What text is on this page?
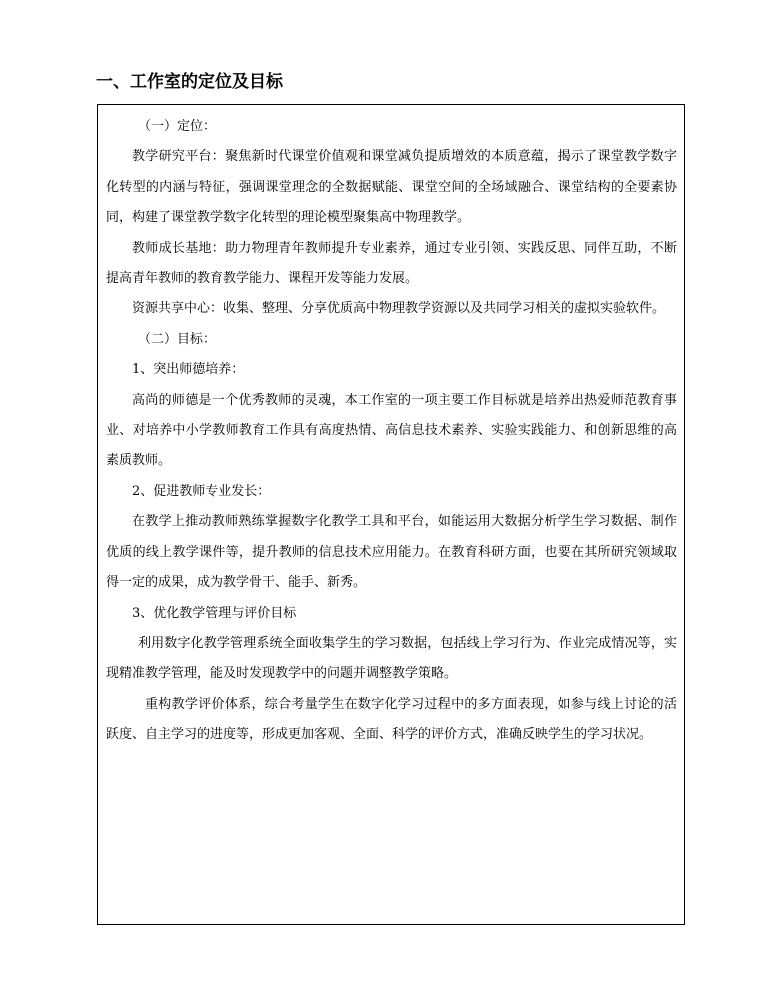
一、工作室的定位及目标

（一）定位：

教学研究平台：聚焦新时代课堂价值观和课堂减负提质增效的本质意蕴，揭示了课堂教学数字化转型的内涵与特征，强调课堂理念的全数据赋能、课堂空间的全场域融合、课堂结构的全要素协同，构建了课堂教学数字化转型的理论模型聚集高中物理教学。

教师成长基地：助力物理青年教师提升专业素养，通过专业引领、实践反思、同伴互助，不断提高青年教师的教育教学能力、课程开发等能力发展。

资源共享中心：收集、整理、分享优质高中物理教学资源以及共同学习相关的虚拟实验软件。

（二）目标：

1、突出师德培养：

高尚的师德是一个优秀教师的灵魂，本工作室的一项主要工作目标就是培养出热爱师范教育事业、对培养中小学教师教育工作具有高度热情、高信息技术素养、实验实践能力、和创新思维的高素质教师。

2、促进教师专业发长：

在教学上推动教师熟练掌握数字化教学工具和平台，如能运用大数据分析学生学习数据、制作优质的线上教学课件等，提升教师的信息技术应用能力。在教育科研方面，也要在其所研究领域取得一定的成果，成为教学骨干、能手、新秀。

3、优化教学管理与评价目标

利用数字化教学管理系统全面收集学生的学习数据，包括线上学习行为、作业完成情况等，实现精准教学管理，能及时发现教学中的问题并调整教学策略。

重构教学评价体系，综合考量学生在数字化学习过程中的多方面表现，如参与线上讨论的活跃度、自主学习的进度等，形成更加客观、全面、科学的评价方式，准确反映学生的学习状况。
